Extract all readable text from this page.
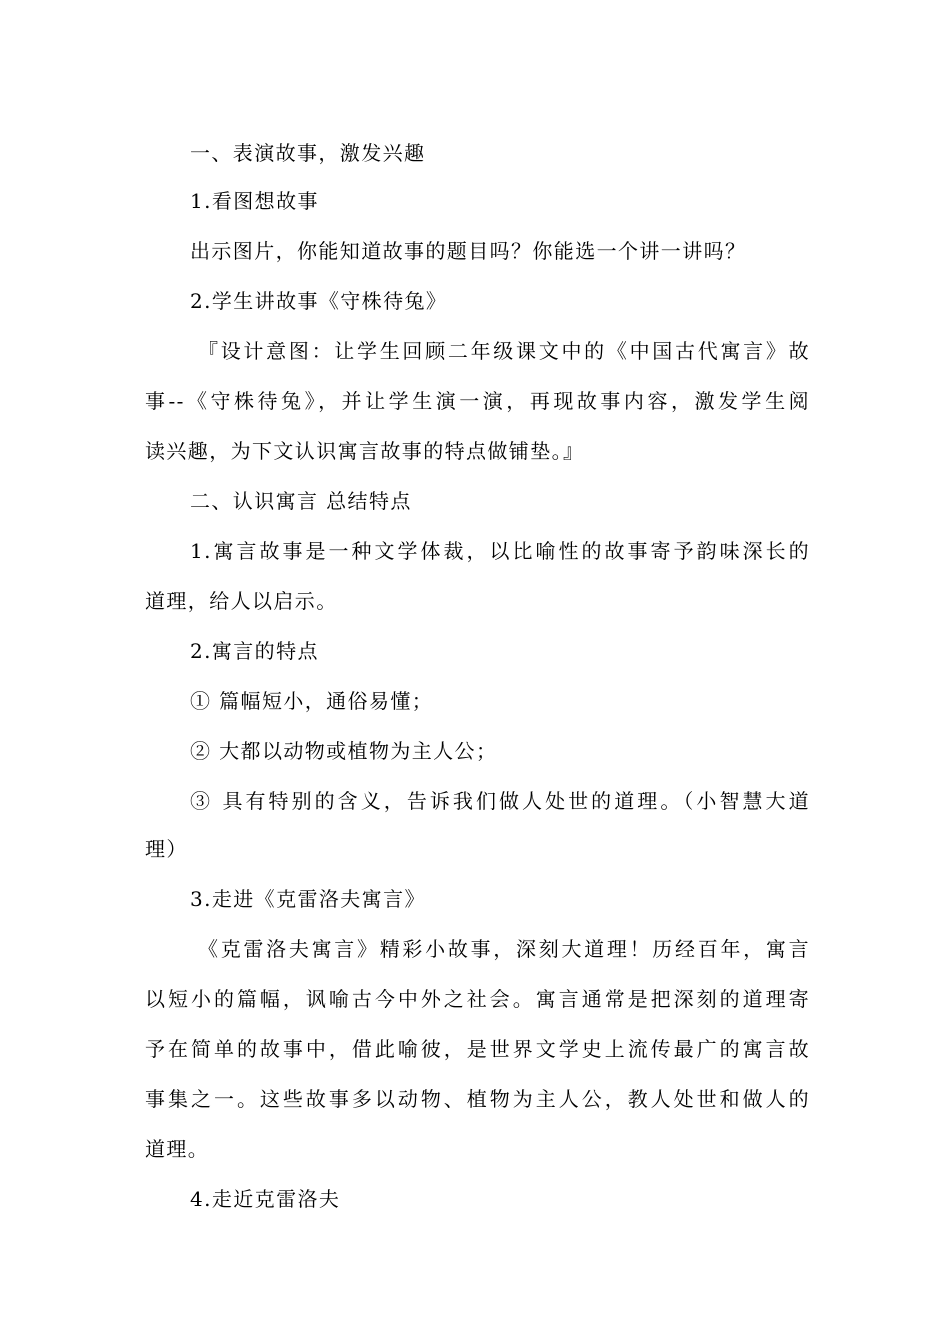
一、表演故事，激发兴趣
1.看图想故事
出示图片，你能知道故事的题目吗？你能选一个讲一讲吗？
2.学生讲故事《守株待兔》
『设计意图：让学生回顾二年级课文中的《中国古代寓言》故
事--《守株待兔》，并让学生演一演，再现故事内容，激发学生阅
读兴趣，为下文认识寓言故事的特点做铺垫。』
二、认识寓言 总结特点
1.寓言故事是一种文学体裁，以比喻性的故事寄予韵味深长的
道理，给人以启示。
2.寓言的特点
① 篇幅短小，通俗易懂；
② 大都以动物或植物为主人公；
③ 具有特别的含义，告诉我们做人处世的道理。（小智慧大道
理）
3.走进《克雷洛夫寓言》
《克雷洛夫寓言》精彩小故事，深刻大道理！历经百年，寓言
以短小的篇幅，讽喻古今中外之社会。寓言通常是把深刻的道理寄
予在简单的故事中，借此喻彼，是世界文学史上流传最广的寓言故
事集之一。这些故事多以动物、植物为主人公，教人处世和做人的
道理。
4.走近克雷洛夫
